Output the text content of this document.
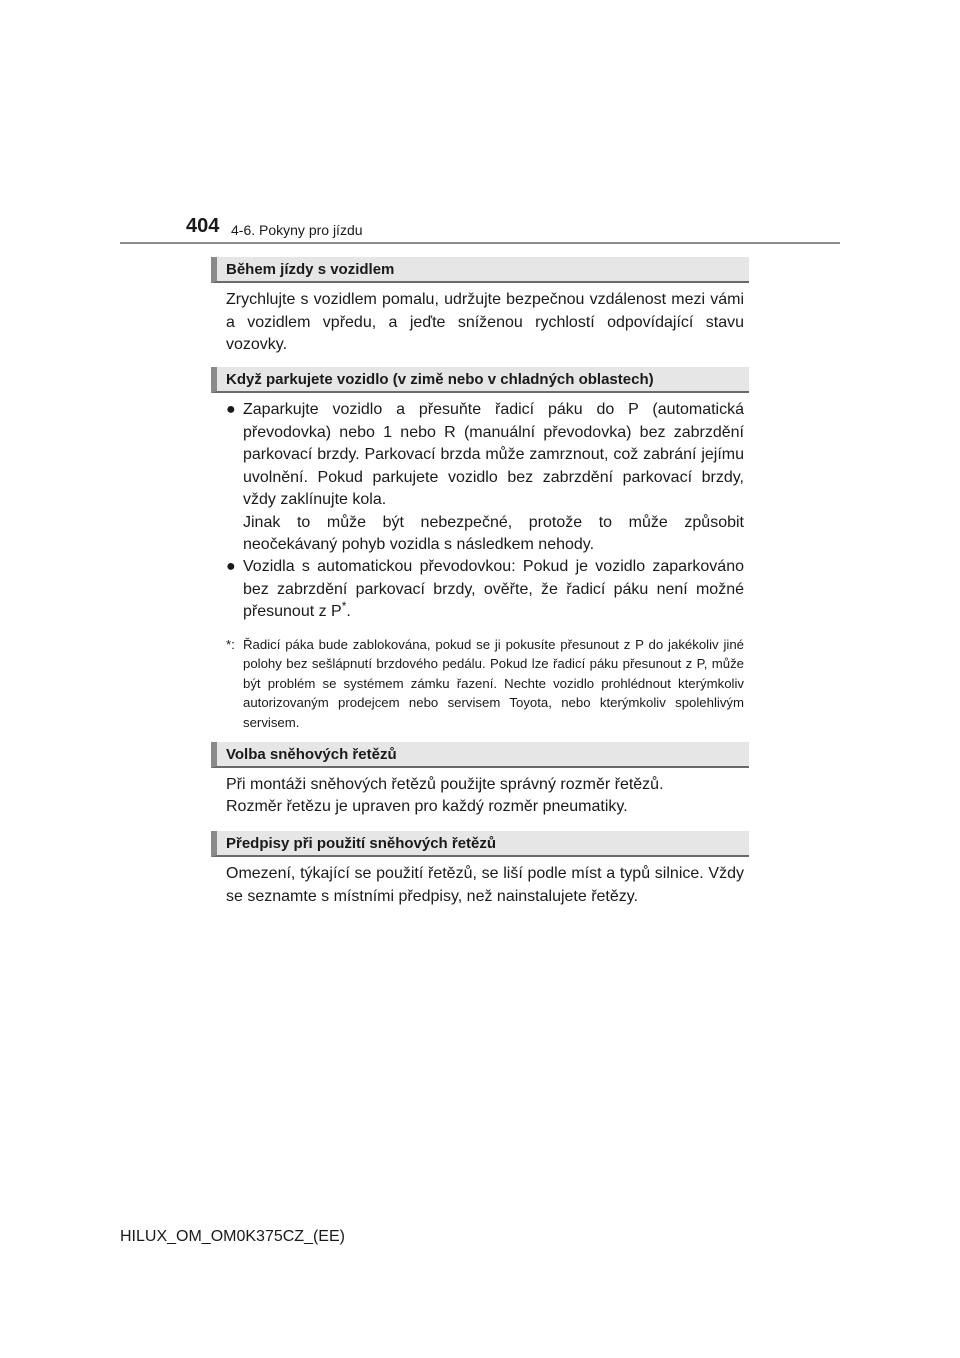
404 4-6. Pokyny pro jízdu
Během jízdy s vozidlem

Zrychlujte s vozidlem pomalu, udržujte bezpečnou vzdálenost mezi vámi a vozidlem vpředu, a jeďte sníženou rychlostí odpovídající stavu vozovky.

Když parkujete vozidlo (v zimě nebo v chladných oblastech)
● Zaparkujte vozidlo a přesuňte řadicí páku do P (automatická převodovka) nebo 1 nebo R (manuální převodovka) bez zabrzdění parkovací brzdy. Parkovací brzda může zamrznout, což zabrání jejímu uvolnění. Pokud parkujete vozidlo bez zabrzdění parkovací brzdy, vždy zaklínujte kola.

Jinak to může být nebezpečné, protože to může způsobit neočekávaný pohyb vozidla s následkem nehody.

● Vozidla s automatickou převodovkou: Pokud je vozidlo zaparkováno bez zabrzdění parkovací brzdy, ověřte, že řadicí páku není možné přesunout z P*.

*: Řadicí páka bude zablokována, pokud se ji pokusíte přesunout z P do jakékoliv jiné polohy bez sešlápnutí brzdového pedálu. Pokud lze řadicí páku přesunout z P, může být problém se systémem zámku řazení. Nechte vozidlo prohlédnout kterýmkoliv autorizovaným prodejcem nebo servisem Toyota, nebo kterýmkoliv spolehlivým servisem.
Volba sněhových řetězů

Při montáži sněhových řetězů použijte správný rozměr řetězů.

Rozměr řetězu je upraven pro každý rozměr pneumatiky.

Předpisy při použití sněhových řetězů

Omezení, týkající se použití řetězů, se liší podle míst a typů silnice. Vždy se seznamte s místními předpisy, než nainstalujete řetězy.

HILUX_OM_OM0K375CZ_(EE)
